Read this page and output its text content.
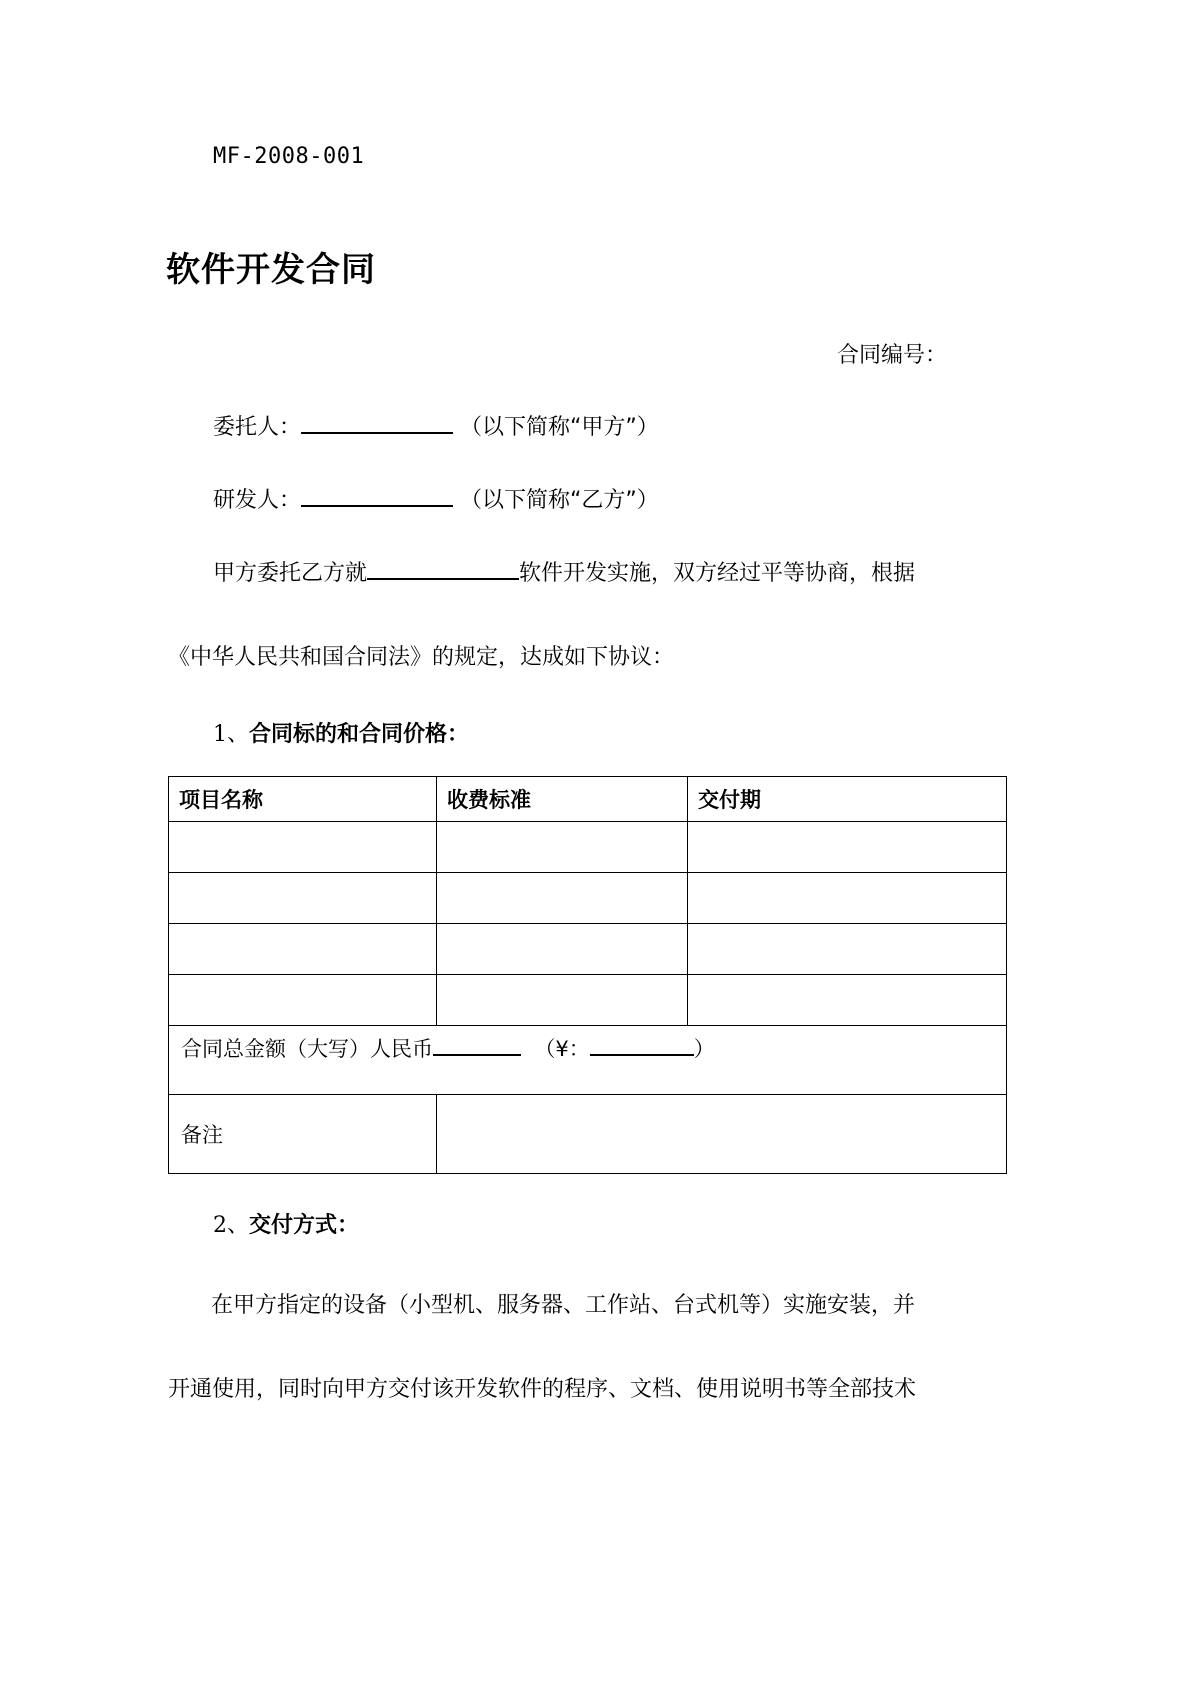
MF-2008-001
软件开发合同
合同编号：
委托人：	（以下简称“甲方”）
研发人：	（以下简称“乙方”）
甲方委托乙方就	软件开发实施，双方经过平等协商，根据
《中华人民共和国合同法》的规定，达成如下协议：
1、合同标的和合同价格：
项目名称	收费标准	交付期

合同总金额（大写）人民币 （¥： ）		
备注		
2、交付方式：
在甲方指定的设备（小型机、服务器、工作站、台式机等）实施安装，并
开通使用，同时向甲方交付该开发软件的程序、文档、使用说明书等全部技术
